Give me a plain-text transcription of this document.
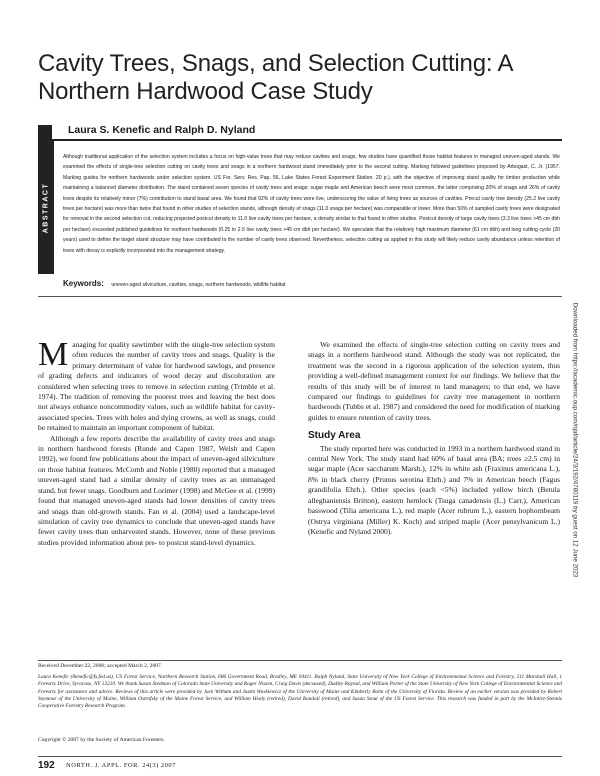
Cavity Trees, Snags, and Selection Cutting: A Northern Hardwood Case Study
Laura S. Kenefic and Ralph D. Nyland
ABSTRACT
Although traditional application of the selection system includes a focus on high-value trees that may reduce cavities and snags, few studies have quantified those habitat features in managed uneven-aged stands. We examined the effects of single-tree selection cutting on cavity trees and snags in a northern hardwood stand immediately prior to the second cutting. Marking followed guidelines proposed by Arbogast, C. Jr. (1957. Marking guides for northern hardwoods under selection system. US For. Serv. Res. Pap. 56, Lake States Forest Experiment Station. 20 p.), with the objective of improving stand quality for timber production while maintaining a balanced diameter distribution. The stand contained seven species of cavity trees and snags; sugar maple and American beech were most common, the latter comprising 20% of snags and 26% of cavity trees despite its relatively minor (7%) contribution to stand basal area. We found that 92% of cavity trees were live, underscoring the value of living trees as sources of cavities. Precut cavity tree density (25.2 live cavity trees per hectare) was more than twice that found in other studies of selection stands, although density of snags (11.0 snags per hectare) was comparable or lower. More than 50% of sampled cavity trees were designated for removal in the second selection cut, reducing projected postcut density to 11.0 live cavity trees per hectare, a density similar to that found in other studies. Postcut density of large cavity trees (3.3 live trees >45 cm dbh per hectare) exceeded published guidelines for northern hardwoods (0.25 to 2.5 live cavity trees >45 cm dbh per hectare). We speculate that the relatively high maximum diameter (61 cm dbh) and long cutting cycle (20 years) used to define the target stand structure may have contributed to the number of cavity trees observed. Nevertheless, selection cutting as applied in this study will likely reduce cavity abundance unless retention of trees with decay is explicitly incorporated into the management strategy.
Keywords: uneven-aged silviculture, cavities, snags, northern hardwoods, wildlife habitat
Downloaded from https://academic.oup.com/njaf/article/24/3/192/4780119 by guest on 12 June 2023

Managing for quality sawtimber with the single-tree selection system often reduces the number of cavity trees and snags. Quality is the primary determinant of value for hardwood sawlogs, and presence of grading defects and indicators of wood decay and discoloration are considered when selecting trees to remove in selection cutting (Trimble et al. 1974). The tradition of removing the poorest trees and leaving the best does not always enhance noncommodity values, such as wildlife habitat for cavity-associated species. Trees with holes and dying crowns, as well as snags, could be retained to maintain an important component of habitat.

Although a few reports describe the availability of cavity trees and snags in northern hardwood forests (Runde and Capen 1987, Welsh and Capen 1992), we found few publications about the impact of uneven-aged silviculture on those habitat features. McComb and Noble (1980) reported that a managed uneven-aged stand had a similar density of cavity trees as an unmanaged stand, but fewer snags. Goodburn and Lorimer (1998) and McGee et al. (1999) found that managed uneven-aged stands had lower densities of cavity trees and snags than old-growth stands. Fan et al. (2004) used a landscape-level simulation of cavity tree dynamics to conclude that uneven-aged stands have fewer cavity trees than unharvested stands. However, none of these previous studies provided information about pre- to postcut stand-level dynamics.

We examined the effects of single-tree selection cutting on cavity trees and snags in a northern hardwood stand. Although the study was not replicated, the treatment was the second in a rigorous application of the selection system, thus providing a well-defined management context for our findings. We believe that the results of this study will be of interest to land managers; to that end, we have compared our findings to guidelines for cavity tree management in northern hardwoods (Tubbs et al. 1987) and considered the need for modification of marking guides to ensure retention of cavity trees.

Study Area

The study reported here was conducted in 1993 in a northern hardwood stand in central New York. The study stand had 60% of basal area (BA; trees ≥2.5 cm) in sugar maple (Acer saccharum Marsh.), 12% in white ash (Fraxinus americana L.), 8% in black cherry (Prunus serotina Ehrh.) and 7% in American beech (Fagus grandifolia Ehrh.). Other species (each <5%) included yellow birch (Betula alleghaniensis Britton), eastern hemlock (Tsuga canadensis (L.) Carr.), American basswood (Tilia americana L.), red maple (Acer rubrum L.), eastern hophornbeam (Ostrya virginiana (Miller) K. Koch) and striped maple (Acer pensylvanicum L.) (Kenefic and Nyland 2000).

Received December 22, 2006; accepted March 2, 2007.
Laura Kenefic (lkenefic@fs.fed.us), US Forest Service, Northern Research Station, 686 Government Road, Bradley, ME 04411. Ralph Nyland, State University of New York College of Environmental Science and Forestry, 211 Marshall Hall, 1 Forestry Drive, Syracuse, NY 13210. We thank Susan Stedman of Colorado State University and Roger Nissen, Craig Davis (deceased), Dudley Raynal, and William Porter of the State University of New York College of Environmental Science and Forestry for assistance and advice. Reviews of this article were provided by Jack Witham and Justin Waskiewicz of the University of Maine and Kimberly Bohn of the University of Florida. Review of an earlier version was provided by Robert Seymour of the University of Maine, William Ostrofsky of the Maine Forest Service, and William Healy (retired), David Randall (retired), and Susan Stout of the US Forest Service. This research was funded in part by the McIntire-Stennis Cooperative Forestry Research Program.
Copyright © 2007 by the Society of American Foresters.
192 NORTH. J. APPL. FOR. 24(3) 2007
